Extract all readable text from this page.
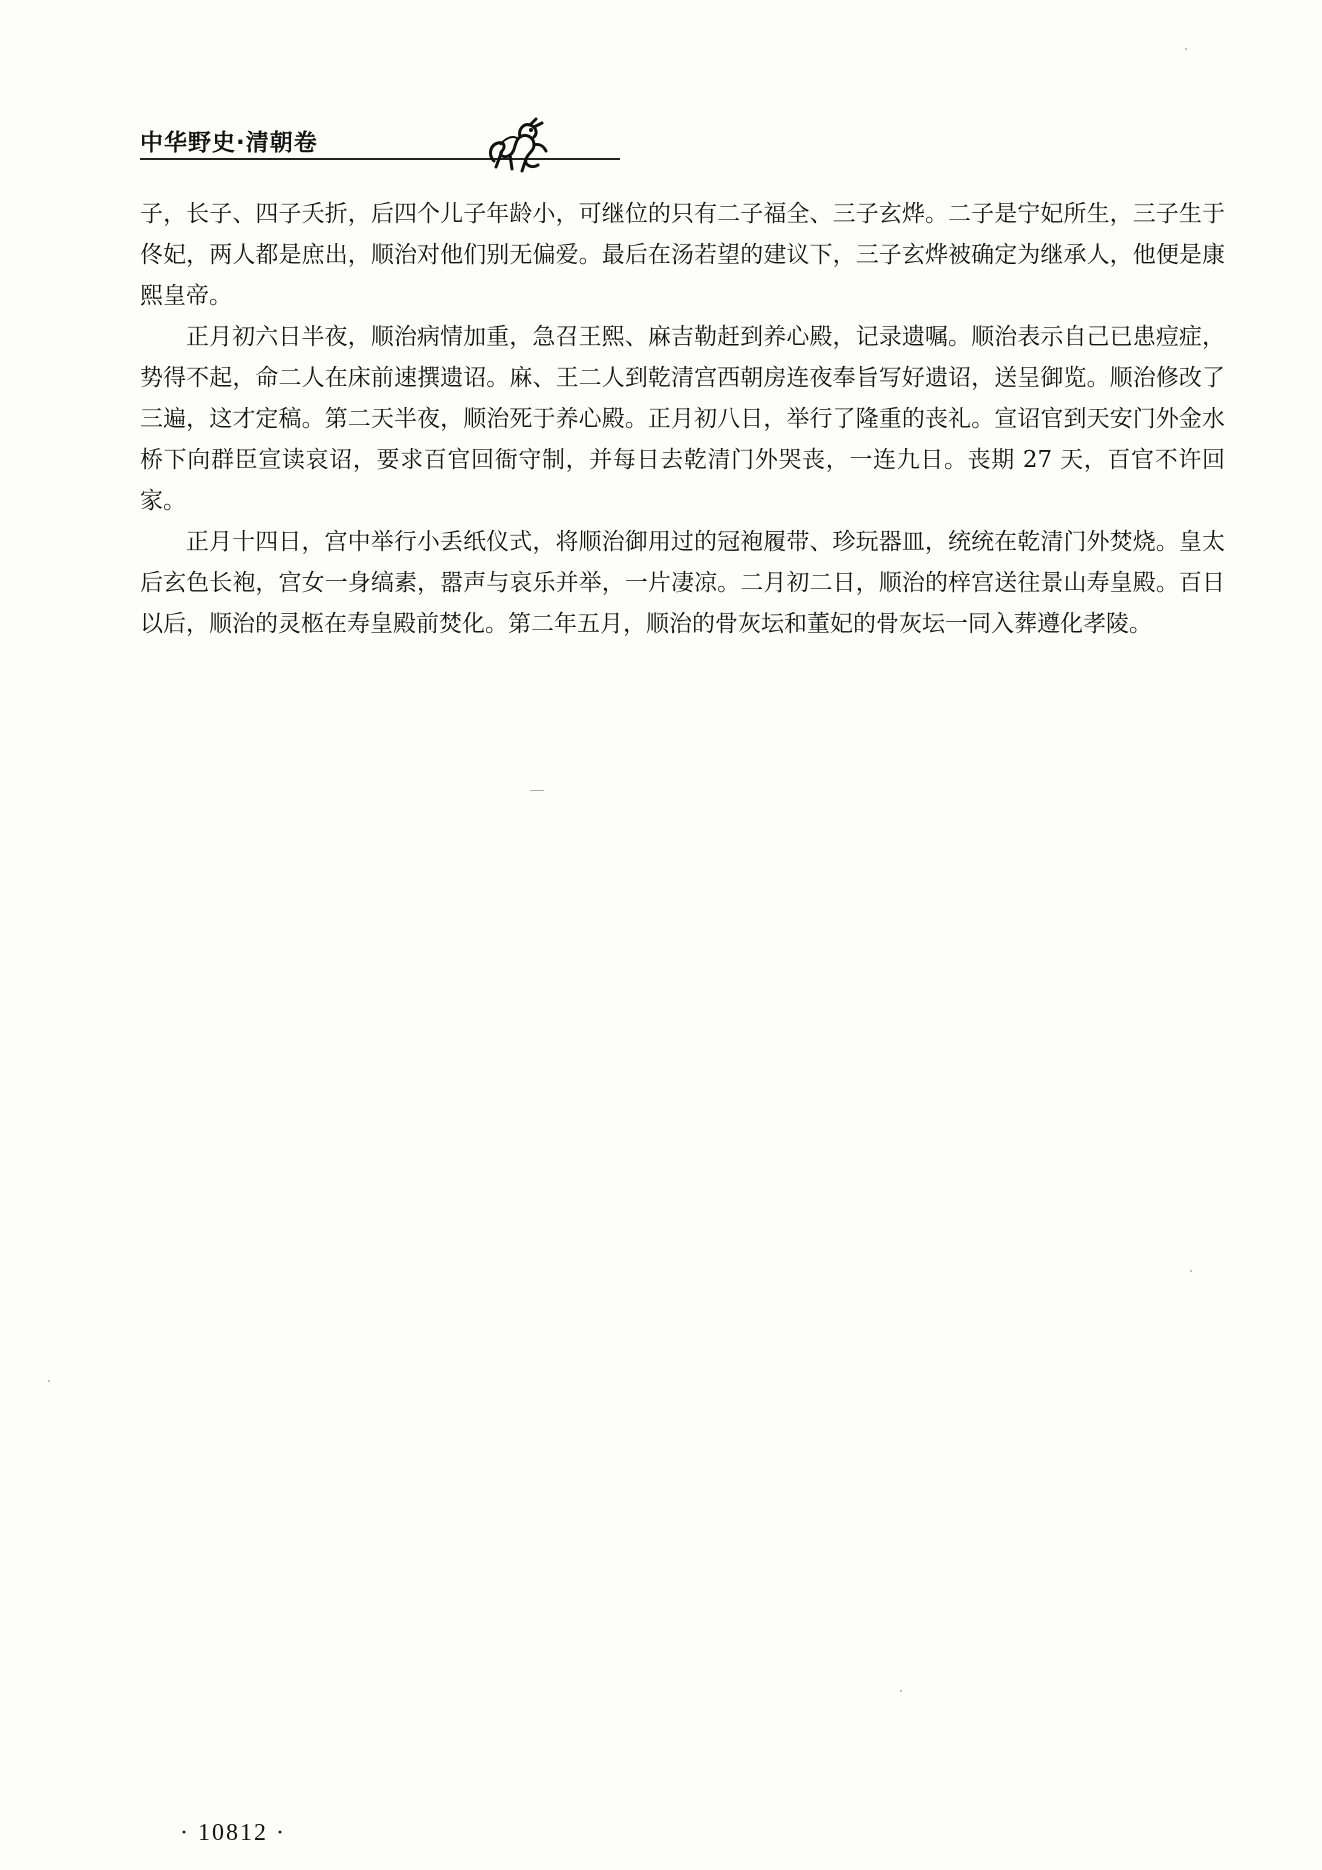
中华野史·清朝卷

子，长子、四子夭折，后四个儿子年龄小，可继位的只有二子福全、三子玄烨。二子是宁妃所生，三子生于佟妃，两人都是庶出，顺治对他们别无偏爱。最后在汤若望的建议下，三子玄烨被确定为继承人，他便是康熙皇帝。

正月初六日半夜，顺治病情加重，急召王熙、麻吉勒赶到养心殿，记录遗嘱。顺治表示自己已患痘症，势得不起，命二人在床前速撰遗诏。麻、王二人到乾清宫西朝房连夜奉旨写好遗诏，送呈御览。顺治修改了三遍，这才定稿。第二天半夜，顺治死于养心殿。正月初八日，举行了隆重的丧礼。宣诏官到天安门外金水桥下向群臣宣读哀诏，要求百官回衙守制，并每日去乾清门外哭丧，一连九日。丧期 27 天，百官不许回家。

正月十四日，宫中举行小丢纸仪式，将顺治御用过的冠袍履带、珍玩器皿，统统在乾清门外焚烧。皇太后玄色长袍，宫女一身缟素，嚣声与哀乐并举，一片凄凉。二月初二日，顺治的梓宫送往景山寿皇殿。百日以后，顺治的灵柩在寿皇殿前焚化。第二年五月，顺治的骨灰坛和董妃的骨灰坛一同入葬遵化孝陵。

· 10812 ·
